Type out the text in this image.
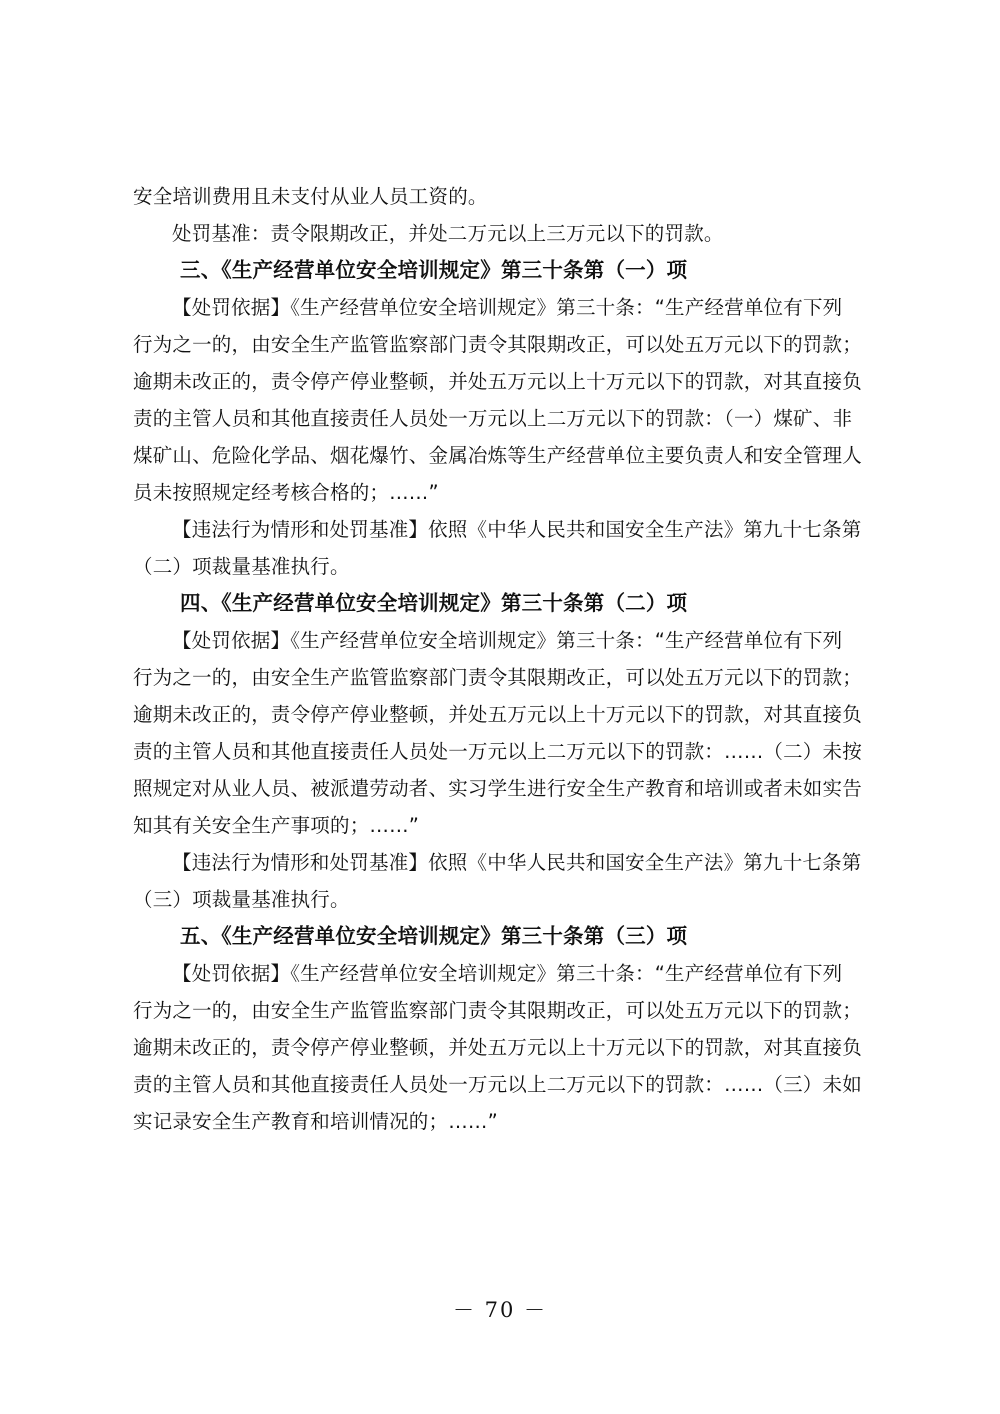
安全培训费用且未支付从业人员工资的。
处罚基准：责令限期改正，并处二万元以上三万元以下的罚款。
三、《生产经营单位安全培训规定》第三十条第（一）项
【处罚依据】《生产经营单位安全培训规定》第三十条：“生产经营单位有下列
行为之一的，由安全生产监管监察部门责令其限期改正，可以处五万元以下的罚款；
逾期未改正的，责令停产停业整顿，并处五万元以上十万元以下的罚款，对其直接负
责的主管人员和其他直接责任人员处一万元以上二万元以下的罚款：（一）煤矿、非
煤矿山、危险化学品、烟花爆竹、金属冶炼等生产经营单位主要负责人和安全管理人
员未按照规定经考核合格的；……”
【违法行为情形和处罚基准】依照《中华人民共和国安全生产法》第九十七条第
（二）项裁量基准执行。
四、《生产经营单位安全培训规定》第三十条第（二）项
【处罚依据】《生产经营单位安全培训规定》第三十条：“生产经营单位有下列
行为之一的，由安全生产监管监察部门责令其限期改正，可以处五万元以下的罚款；
逾期未改正的，责令停产停业整顿，并处五万元以上十万元以下的罚款，对其直接负
责的主管人员和其他直接责任人员处一万元以上二万元以下的罚款：……（二）未按
照规定对从业人员、被派遣劳动者、实习学生进行安全生产教育和培训或者未如实告
知其有关安全生产事项的；……”
【违法行为情形和处罚基准】依照《中华人民共和国安全生产法》第九十七条第
（三）项裁量基准执行。
五、《生产经营单位安全培训规定》第三十条第（三）项
【处罚依据】《生产经营单位安全培训规定》第三十条：“生产经营单位有下列
行为之一的，由安全生产监管监察部门责令其限期改正，可以处五万元以下的罚款；
逾期未改正的，责令停产停业整顿，并处五万元以上十万元以下的罚款，对其直接负
责的主管人员和其他直接责任人员处一万元以上二万元以下的罚款：……（三）未如
实记录安全生产教育和培训情况的；……”
－ 70 －
